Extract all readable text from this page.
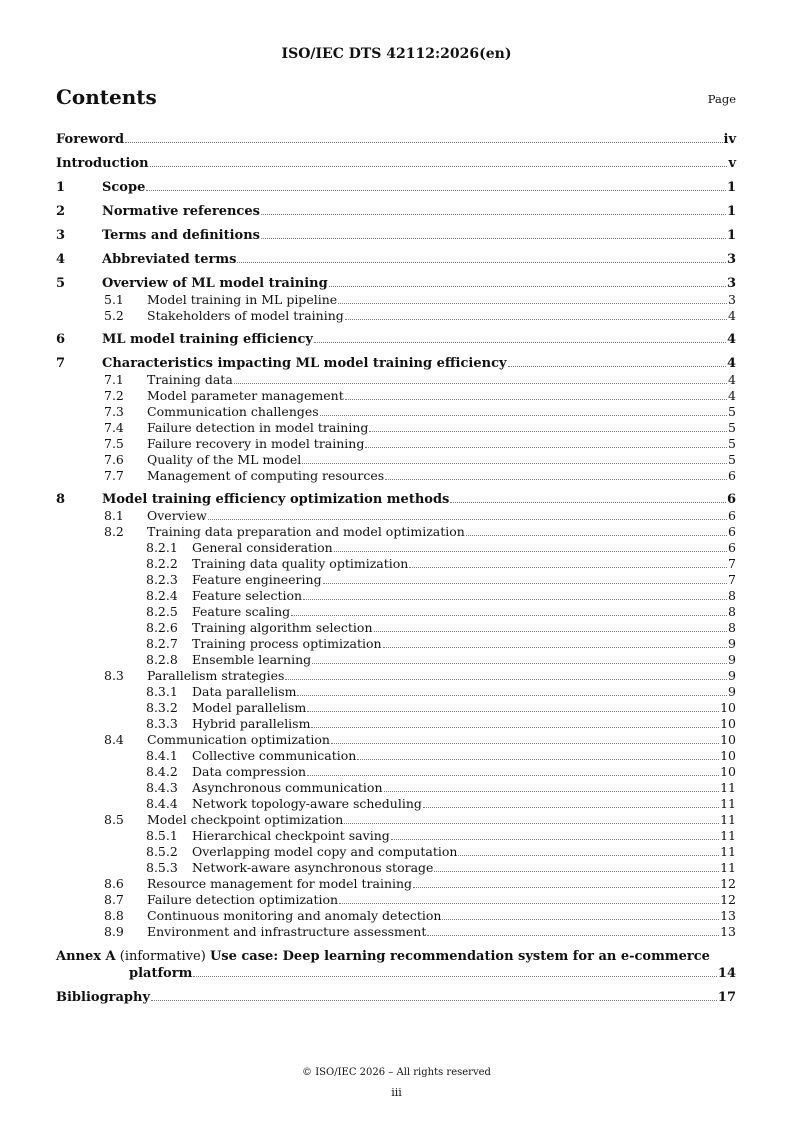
ISO/IEC DTS 42112:2026(en)
Contents	Page
Foreword	iv
Introduction	v
1	Scope	1
2	Normative references	1
3	Terms and definitions	1
4	Abbreviated terms	3
5	Overview of ML model training	3
5.1	Model training in ML pipeline	3
5.2	Stakeholders of model training	4
6	ML model training efficiency	4
7	Characteristics impacting ML model training efficiency	4
7.1	Training data	4
7.2	Model parameter management	4
7.3	Communication challenges	5
7.4	Failure detection in model training	5
7.5	Failure recovery in model training	5
7.6	Quality of the ML model	5
7.7	Management of computing resources	6
8	Model training efficiency optimization methods	6
8.1	Overview	6
8.2	Training data preparation and model optimization	6
8.2.1	General consideration	6
8.2.2	Training data quality optimization	7
8.2.3	Feature engineering	7
8.2.4	Feature selection	8
8.2.5	Feature scaling	8
8.2.6	Training algorithm selection	8
8.2.7	Training process optimization	9
8.2.8	Ensemble learning	9
8.3	Parallelism strategies	9
8.3.1	Data parallelism	9
8.3.2	Model parallelism	10
8.3.3	Hybrid parallelism	10
8.4	Communication optimization	10
8.4.1	Collective communication	10
8.4.2	Data compression	10
8.4.3	Asynchronous communication	11
8.4.4	Network topology-aware scheduling	11
8.5	Model checkpoint optimization	11
8.5.1	Hierarchical checkpoint saving	11
8.5.2	Overlapping model copy and computation	11
8.5.3	Network-aware asynchronous storage	11
8.6	Resource management for model training	12
8.7	Failure detection optimization	12
8.8	Continuous monitoring and anomaly detection	13
8.9	Environment and infrastructure assessment	13
Annex A (informative) Use case: Deep learning recommendation system for an e-commerce
platform	14
Bibliography	17
© ISO/IEC 2026 – All rights reserved
iii
